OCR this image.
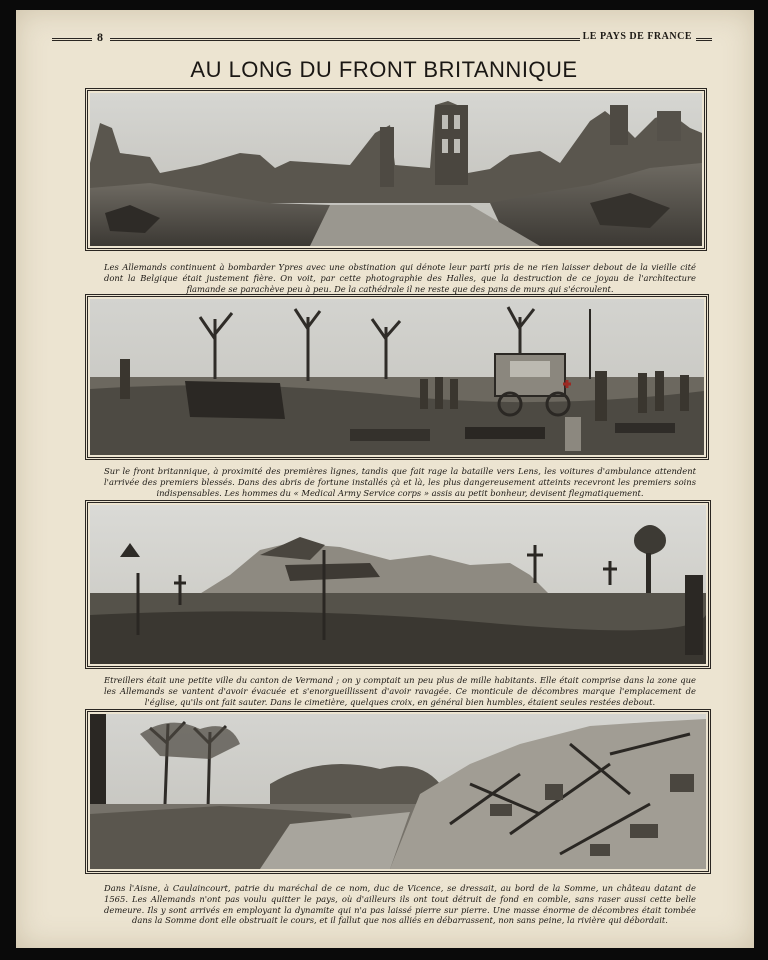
8	LE PAYS DE FRANCE
AU LONG DU FRONT BRITANNIQUE
Les Allemands continuent à bombarder Ypres avec une obstination qui dénote leur parti pris de ne rien laisser debout de la vieille cité dont la Belgique était justement fière. On voit, par cette photographie des Halles, que la destruction de ce joyau de l'architecture flamande se parachève peu à peu. De la cathédrale il ne reste que des pans de murs qui s'écroulent.
Sur le front britannique, à proximité des premières lignes, tandis que fait rage la bataille vers Lens, les voitures d'ambulance attendent l'arrivée des premiers blessés. Dans des abris de fortune installés çà et là, les plus dangereusement atteints recevront les premiers soins indispensables. Les hommes du « Medical Army Service corps » assis au petit bonheur, devisent flegmatiquement.
Etreillers était une petite ville du canton de Vermand ; on y comptait un peu plus de mille habitants. Elle était comprise dans la zone que les Allemands se vantent d'avoir évacuée et s'enorgueillissent d'avoir ravagée. Ce monticule de décombres marque l'emplacement de l'église, qu'ils ont fait sauter. Dans le cimetière, quelques croix, en général bien humbles, étaient seules restées debout.
Dans l'Aisne, à Caulaincourt, patrie du maréchal de ce nom, duc de Vicence, se dressait, au bord de la Somme, un château datant de 1565. Les Allemands n'ont pas voulu quitter le pays, où d'ailleurs ils ont tout détruit de fond en comble, sans raser aussi cette belle demeure. Ils y sont arrivés en employant la dynamite qui n'a pas laissé pierre sur pierre. Une masse énorme de décombres était tombée dans la Somme dont elle obstruait le cours, et il fallut que nos alliés en débarrassent, non sans peine, la rivière qui débordait.
